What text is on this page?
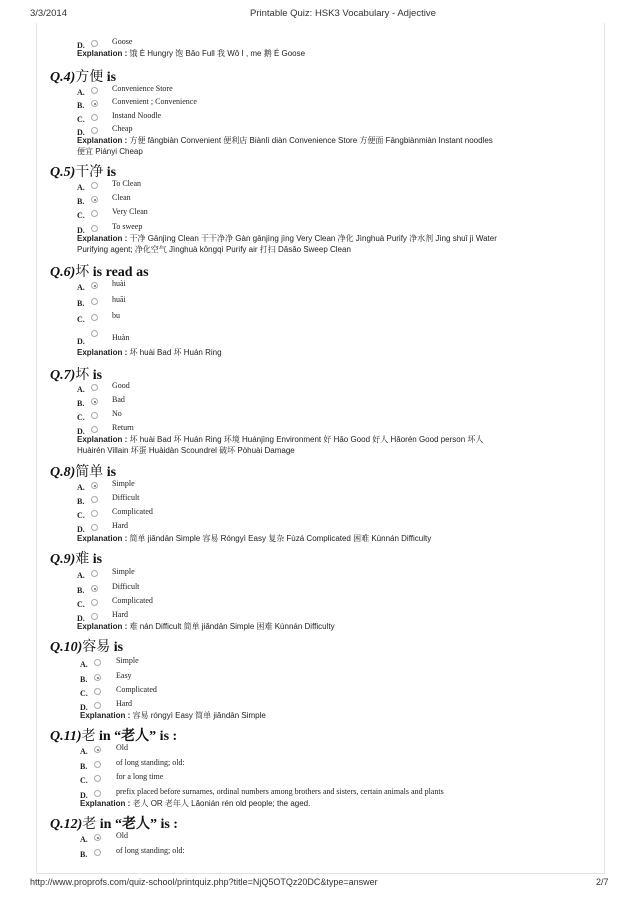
3/3/2014	Printable Quiz: HSK3 Vocabulary - Adjective
D.	Goose
Explanation : 饿 È Hungry 饱 Bǎo Full 我 Wǒ I , me 鹅 É Goose
Q.4)方便 is
A.	Convenience Store
B.	Convenient ; Convenience
C.	Instand Noodle
D.	Cheap
Explanation : 方便 fāngbiàn Convenient 便利店 Biànlì diàn Convenience Store 方便面 Fāngbiànmiàn Instant noodles 便宜 Piányi Cheap
Q.5)干净 is
A.	To Clean
B.	Clean
C.	Very Clean
D.	To sweep
Explanation : 干净 Gānjìng Clean 干干净净 Gàn gānjìng jìng Very Clean 净化 Jìnghuà Purify 净水剂 Jìng shuǐ jì Water Purifying agent; 净化空气 Jìnghuà kōngqì Purify air 打扫 Dǎsǎo Sweep Clean
Q.6)坏 is read as
A.	huài
B.	huāi
C.	bu
D.	Huàn
Explanation : 坏 huài Bad 坏 Huán Ring
Q.7)坏 is
A.	Good
B.	Bad
C.	No
D.	Return
Explanation : 坏 huài Bad 坏 Huán Ring 环境 Huánjìng Environment 好 Hǎo Good 好人 Hǎorén Good person 坏人 Huàirén Villain 坏蛋 Huàidàn Scoundrel 破坏 Pòhuài Damage
Q.8)简单 is
A.	Simple
B.	Difficult
C.	Complicated
D.	Hard
Explanation : 简单 jiǎndān Simple 容易 Róngyì Easy 复杂 Fùzá Complicated 困难 Kùnnán Difficulty
Q.9)难 is
A.	Simple
B.	Difficult
C.	Complicated
D.	Hard
Explanation : 难 nán Difficult 简单 jiǎndān Simple 困难 Kùnnán Difficulty
Q.10)容易 is
A.	Simple
B.	Easy
C.	Complicated
D.	Hard
Explanation : 容易 róngyì Easy 简单 jiǎndān Simple
Q.11)老 in “老人” is :
A.	Old
B.	of long standing; old:
C.	for a long time
D.	prefix placed before surnames, ordinal numbers among brothers and sisters, certain animals and plants
Explanation : 老人 OR 老年人 Lǎonián rén old people; the aged.
Q.12)老 in “老人” is :
A.	Old
B.	of long standing; old:
http://www.proprofs.com/quiz-school/printquiz.php?title=NjQ5OTQz20DC&type=answer	2/7
